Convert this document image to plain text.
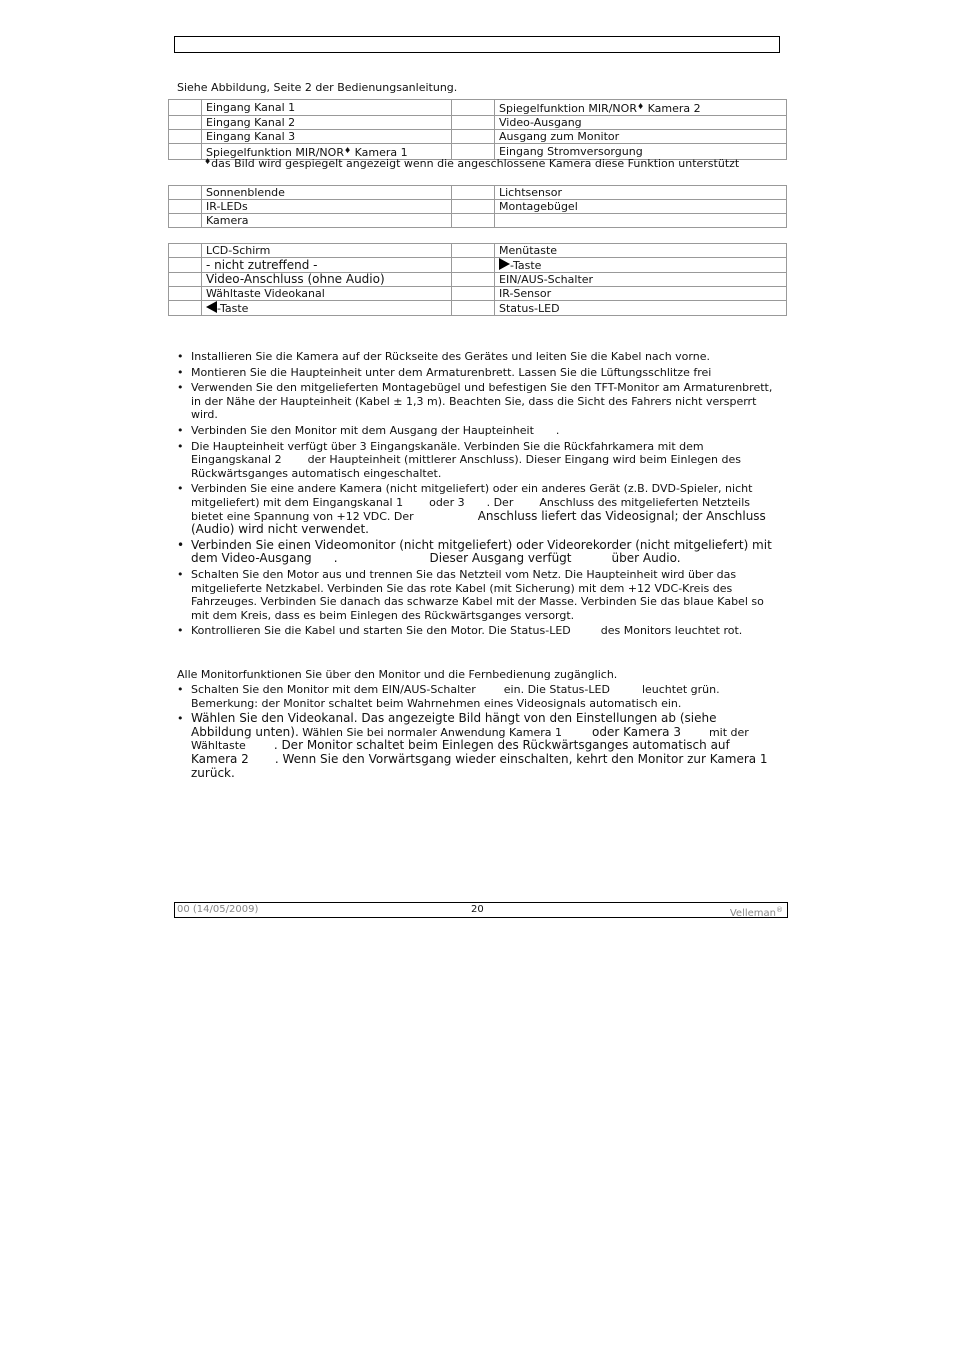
Siehe Abbildung, Seite 2 der Bedienungsanleitung.
	Eingang Kanal 1		Spiegelfunktion MIR/NOR♦ Kamera 2
	Eingang Kanal 2		Video-Ausgang
	Eingang Kanal 3		Ausgang zum Monitor
	Spiegelfunktion MIR/NOR♦ Kamera 1		Eingang Stromversorgung
♦das Bild wird gespiegelt angezeigt wenn die angeschlossene Kamera diese Funktion unterstützt
	Sonnenblende		Lichtsensor
	IR-LEDs		Montagebügel
	Kamera		
	LCD-Schirm		Menütaste
	- nicht zutreffend -		-Taste
	Video-Anschluss (ohne Audio)		EIN/AUS-Schalter
	Wähltaste Videokanal		IR-Sensor
	-Taste		Status-LED
• Installieren Sie die Kamera auf der Rückseite des Gerätes und leiten Sie die Kabel nach vorne.
• Montieren Sie die Haupteinheit unter dem Armaturenbrett. Lassen Sie die Lüftungsschlitze frei
• Verwenden Sie den mitgelieferten Montagebügel und befestigen Sie den TFT-Monitor am Armaturenbrett, in der Nähe der Haupteinheit (Kabel ± 1,3 m). Beachten Sie, dass die Sicht des Fahrers nicht versperrt wird.
• Verbinden Sie den Monitor mit dem Ausgang der Haupteinheit .
• Die Haupteinheit verfügt über 3 Eingangskanäle. Verbinden Sie die Rückfahrkamera mit dem Eingangskanal 2 der Haupteinheit (mittlerer Anschluss). Dieser Eingang wird beim Einlegen des Rückwärtsganges automatisch eingeschaltet.
• Verbinden Sie eine andere Kamera (nicht mitgeliefert) oder ein anderes Gerät (z.B. DVD-Spieler, nicht mitgeliefert) mit dem Eingangskanal 1 oder 3 . Der Anschluss des mitgelieferten Netzteils bietet eine Spannung von +12 VDC. Der	Anschluss liefert das Videosignal; der Anschluss (Audio) wird nicht verwendet.
• Verbinden Sie einen Videomonitor (nicht mitgeliefert) oder Videorekorder (nicht mitgeliefert) mit dem Video-Ausgang .	Dieser Ausgang verfügt	über Audio.
• Schalten Sie den Motor aus und trennen Sie das Netzteil vom Netz. Die Haupteinheit wird über das mitgelieferte Netzkabel. Verbinden Sie das rote Kabel (mit Sicherung) mit dem +12 VDC-Kreis des Fahrzeuges. Verbinden Sie danach das schwarze Kabel mit der Masse. Verbinden Sie das blaue Kabel so mit dem Kreis, dass es beim Einlegen des Rückwärtsganges versorgt.
• Kontrollieren Sie die Kabel und starten Sie den Motor. Die Status-LED	des Monitors leuchtet rot.
Alle Monitorfunktionen Sie über den Monitor und die Fernbedienung zugänglich.
• Schalten Sie den Monitor mit dem EIN/AUS-Schalter	ein. Die Status-LED	leuchtet grün.
Bemerkung: der Monitor schaltet beim Wahrnehmen eines Videosignals automatisch ein.
• Wählen Sie den Videokanal. Das angezeigte Bild hängt von den Einstellungen ab (siehe Abbildung unten). Wählen Sie bei normaler Anwendung Kamera 1	oder Kamera 3	mit der Wähltaste . Der Monitor schaltet beim Einlegen des Rückwärtsganges automatisch auf Kamera 2 . Wenn Sie den Vorwärtsgang wieder einschalten, kehrt den Monitor zur Kamera 1 zurück.
00 (14/05/2009)	20	Velleman®
